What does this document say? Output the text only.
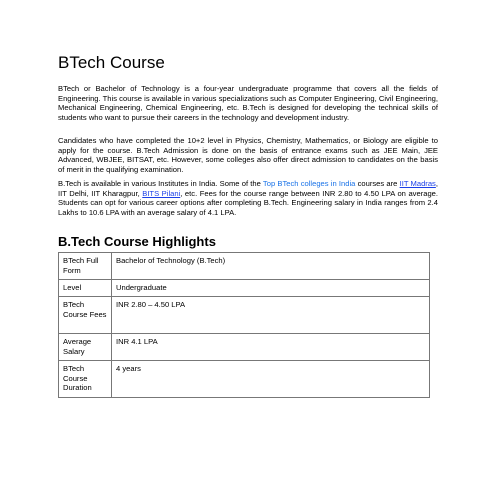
BTech Course

BTech or Bachelor of Technology is a four-year undergraduate programme that covers all the fields of Engineering. This course is available in various specializations such as Computer Engineering, Civil Engineering, Mechanical Engineering, Chemical Engineering, etc. B.Tech is designed for developing the technical skills of students who want to pursue their careers in the technology and development industry.

Candidates who have completed the 10+2 level in Physics, Chemistry, Mathematics, or Biology are eligible to apply for the course. B.Tech Admission is done on the basis of entrance exams such as JEE Main, JEE Advanced, WBJEE, BITSAT, etc. However, some colleges also offer direct admission to candidates on the basis of merit in the qualifying examination.

B.Tech is available in various Institutes in India. Some of the Top BTech colleges in India courses are IIT Madras, IIT Delhi, IIT Kharagpur, BITS Pilani, etc. Fees for the course range between INR 2.80 to 4.50 LPA on average. Students can opt for various career options after completing B.Tech. Engineering salary in India ranges from 2.4 Lakhs to 10.6 LPA with an average salary of 4.1 LPA.

B.Tech Course Highlights
BTech Full Form	Bachelor of Technology (B.Tech)
Level	Undergraduate
BTech Course Fees	INR 2.80 – 4.50 LPA
Average Salary	INR 4.1 LPA
BTech Course Duration	4 years
